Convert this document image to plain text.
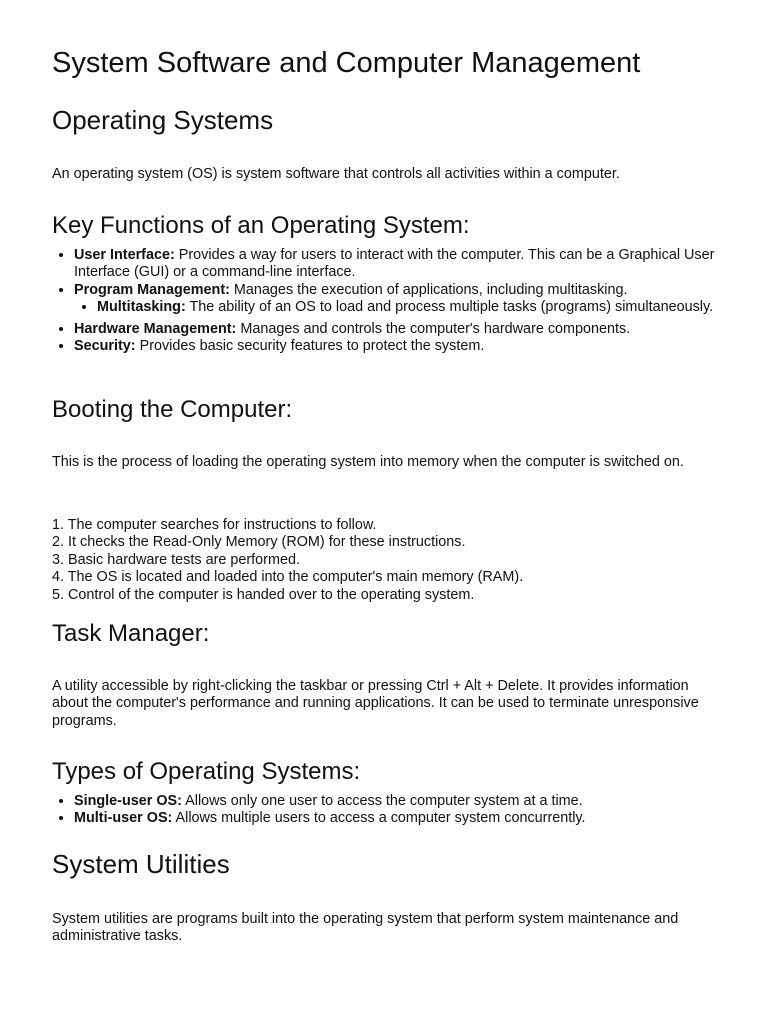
System Software and Computer Management
Operating Systems

An operating system (OS) is system software that controls all activities within a computer.

Key Functions of an Operating System:
• User Interface: Provides a way for users to interact with the computer. This can be a Graphical User Interface (GUI) or a command-line interface.
• Program Management: Manages the execution of applications, including multitasking.
• Multitasking: The ability of an OS to load and process multiple tasks (programs) simultaneously.
• Hardware Management: Manages and controls the computer's hardware components.
• Security: Provides basic security features to protect the system.
Booting the Computer:

This is the process of loading the operating system into memory when the computer is switched on.

1. The computer searches for instructions to follow.

2. It checks the Read-Only Memory (ROM) for these instructions.

3. Basic hardware tests are performed.

4. The OS is located and loaded into the computer's main memory (RAM).

5. Control of the computer is handed over to the operating system.

Task Manager:

A utility accessible by right-clicking the taskbar or pressing Ctrl + Alt + Delete. It provides information about the computer's performance and running applications. It can be used to terminate unresponsive programs.

Types of Operating Systems:
• Single-user OS: Allows only one user to access the computer system at a time.
• Multi-user OS: Allows multiple users to access a computer system concurrently.
System Utilities

System utilities are programs built into the operating system that perform system maintenance and administrative tasks.
